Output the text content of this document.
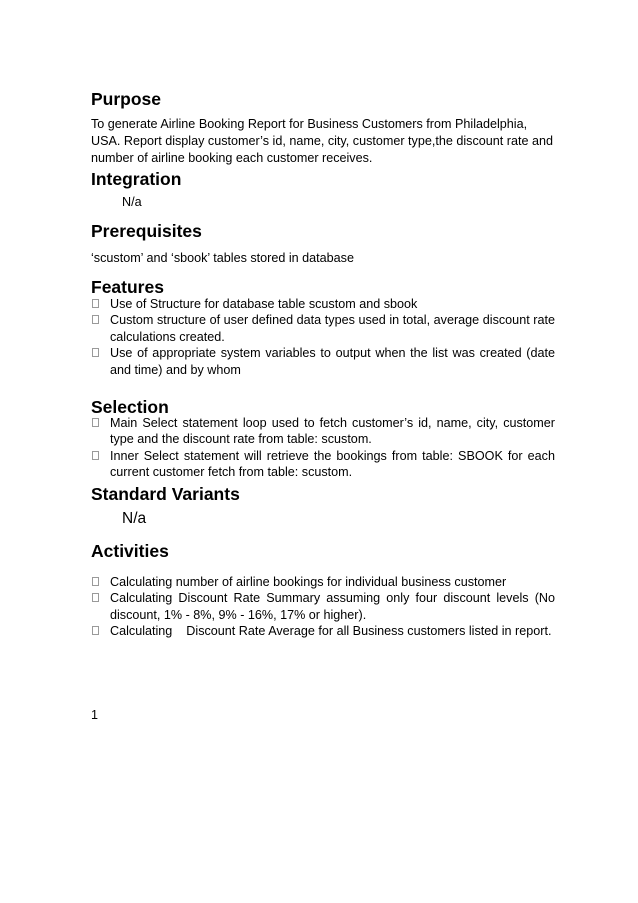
Purpose

To generate Airline Booking Report for Business Customers from Philadelphia, USA. Report display customer’s id, name, city, customer type,the discount rate and number of airline booking each customer receives.

Integration

N/a

Prerequisites

‘scustom’ and ‘sbook’ tables stored in database

Features
Use of Structure for database table scustom and sbook
Custom structure of user defined data types used in total, average discount rate calculations created.
Use of appropriate system variables to output when the list was created (date and time) and by whom
Selection
Main Select statement loop used to fetch customer’s id, name, city, customer type and the discount rate from table: scustom.
Inner Select statement will retrieve the bookings from table: SBOOK for each current customer fetch from table: scustom.
Standard Variants

N/a

Activities
Calculating number of airline bookings for individual business customer
Calculating Discount Rate Summary assuming only four discount levels (No discount, 1% - 8%, 9% - 16%, 17% or higher).
Calculating    Discount Rate Average for all Business customers listed in report.
1
